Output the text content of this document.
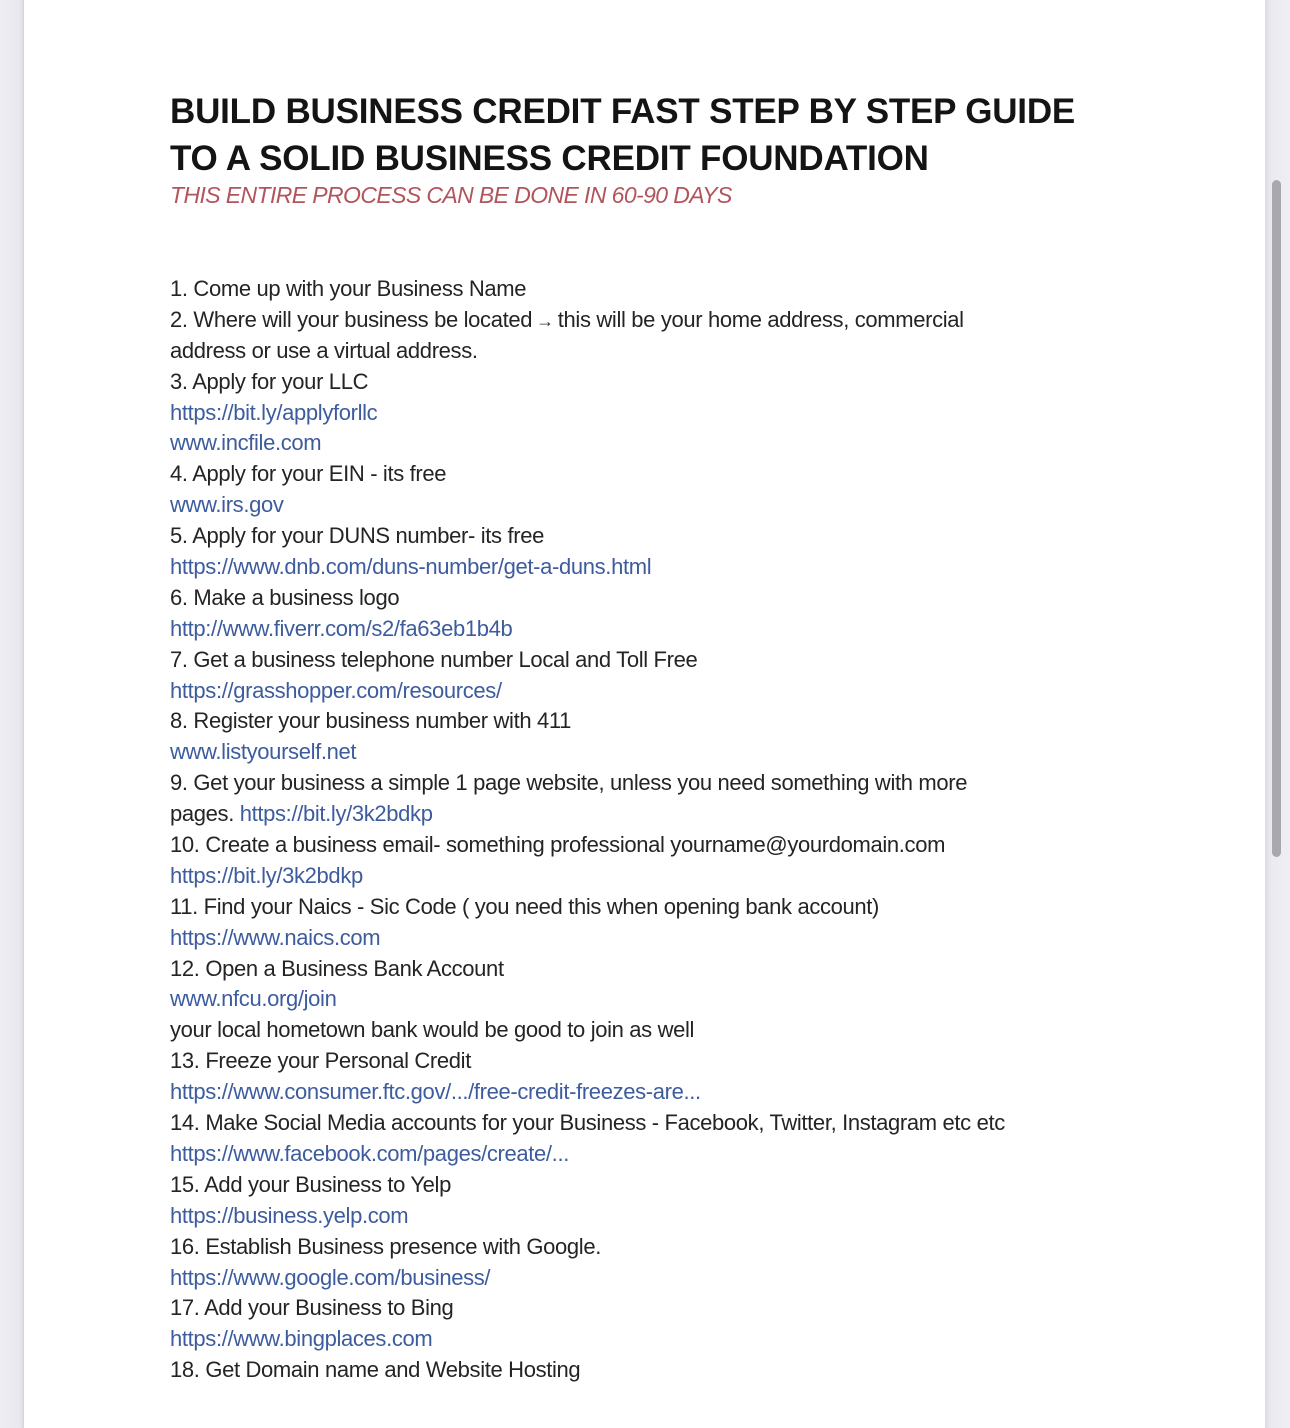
BUILD BUSINESS CREDIT FAST STEP BY STEP GUIDE
TO A SOLID BUSINESS CREDIT FOUNDATION

THIS ENTIRE PROCESS CAN BE DONE IN 60-90 DAYS

1. Come up with your Business Name
2. Where will your business be located → this will be your home address, commercial
address or use a virtual address.
3. Apply for your LLC
https://bit.ly/applyforllc
www.incfile.com
4. Apply for your EIN - its free
www.irs.gov
5. Apply for your DUNS number- its free
https://www.dnb.com/duns-number/get-a-duns.html
6. Make a business logo
http://www.fiverr.com/s2/fa63eb1b4b
7. Get a business telephone number Local and Toll Free
https://grasshopper.com/resources/
8. Register your business number with 411
www.listyourself.net
9. Get your business a simple 1 page website, unless you need something with more
pages. https://bit.ly/3k2bdkp
10. Create a business email- something professional yourname@yourdomain.com
https://bit.ly/3k2bdkp
11. Find your Naics - Sic Code ( you need this when opening bank account)
https://www.naics.com
12. Open a Business Bank Account
www.nfcu.org/join
your local hometown bank would be good to join as well
13. Freeze your Personal Credit
https://www.consumer.ftc.gov/.../free-credit-freezes-are...
14. Make Social Media accounts for your Business - Facebook, Twitter, Instagram etc etc
https://www.facebook.com/pages/create/...
15. Add your Business to Yelp
https://business.yelp.com
16. Establish Business presence with Google.
https://www.google.com/business/
17. Add your Business to Bing
https://www.bingplaces.com
18. Get Domain name and Website Hosting
